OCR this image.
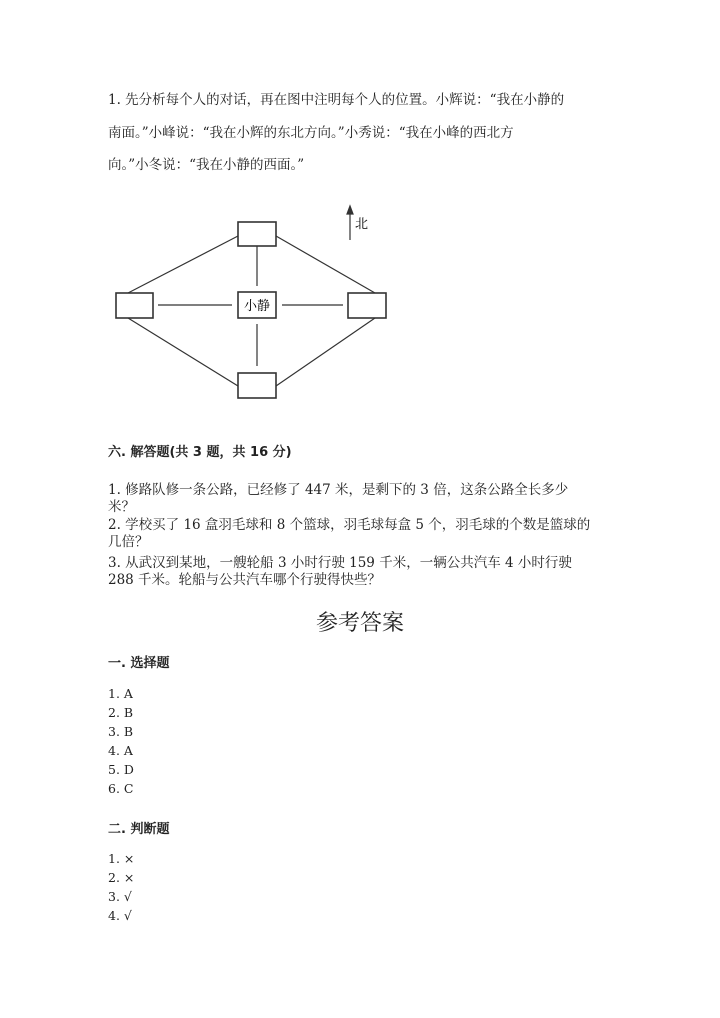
1. 先分析每个人的对话，再在图中注明每个人的位置。小辉说：“我在小静的
南面。”小峰说：“我在小辉的东北方向。”小秀说：“我在小峰的西北方
向。”小冬说：“我在小静的西面。”
小静
北
六. 解答题(共 3 题，共 16 分)
1. 修路队修一条公路，已经修了 447 米，是剩下的 3 倍，这条公路全长多少
米？
2. 学校买了 16 盒羽毛球和 8 个篮球，羽毛球每盒 5 个，羽毛球的个数是篮球的
几倍？
3. 从武汉到某地，一艘轮船 3 小时行驶 159 千米，一辆公共汽车 4 小时行驶
288 千米。轮船与公共汽车哪个行驶得快些？
参考答案
一. 选择题
1. A
2. B
3. B
4. A
5. D
6. C
二. 判断题
1. ×
2. ×
3. √
4. √
